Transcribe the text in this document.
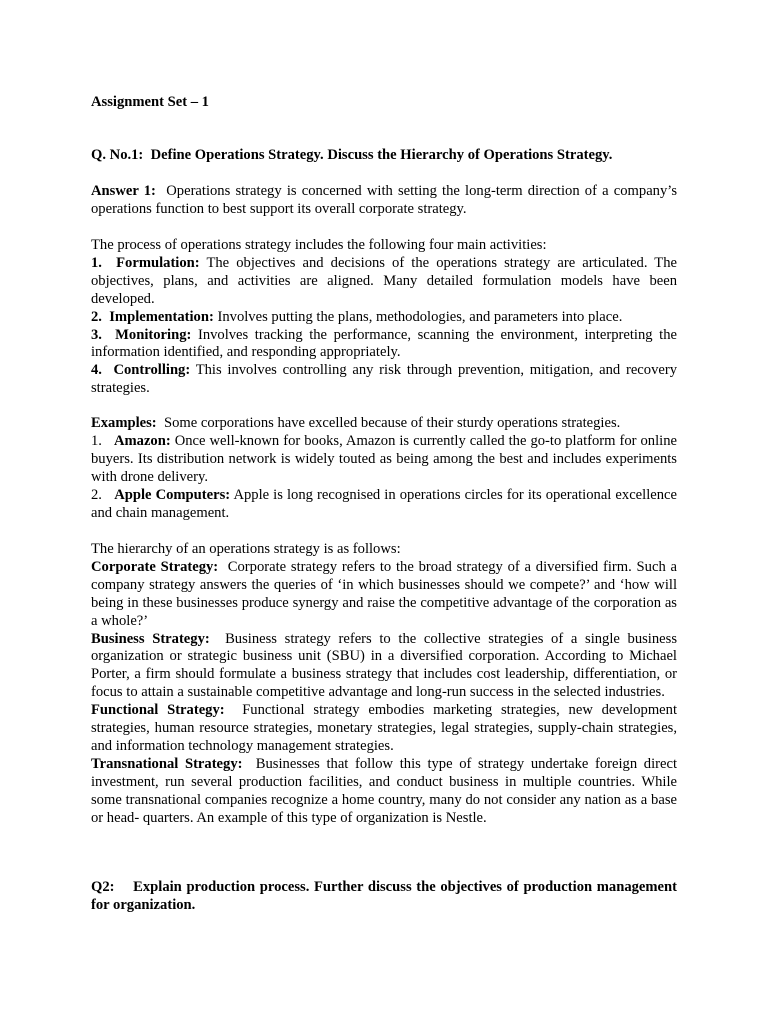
Assignment Set – 1

Q. No.1: Define Operations Strategy. Discuss the Hierarchy of Operations Strategy.

Answer 1: Operations strategy is concerned with setting the long-term direction of a company’s operations function to best support its overall corporate strategy.

The process of operations strategy includes the following four main activities:
1. Formulation: The objectives and decisions of the operations strategy are articulated. The objectives, plans, and activities are aligned. Many detailed formulation models have been developed.
2. Implementation: Involves putting the plans, methodologies, and parameters into place.
3. Monitoring: Involves tracking the performance, scanning the environment, interpreting the information identified, and responding appropriately.
4. Controlling: This involves controlling any risk through prevention, mitigation, and recovery strategies.
Examples: Some corporations have excelled because of their sturdy operations strategies.
1. Amazon: Once well-known for books, Amazon is currently called the go-to platform for online buyers. Its distribution network is widely touted as being among the best and includes experiments with drone delivery.
2. Apple Computers: Apple is long recognised in operations circles for its operational excellence and chain management.
The hierarchy of an operations strategy is as follows:
Corporate Strategy: Corporate strategy refers to the broad strategy of a diversified firm. Such a company strategy answers the queries of ‘in which businesses should we compete?’ and ‘how will being in these businesses produce synergy and raise the competitive advantage of the corporation as a whole?’
Business Strategy: Business strategy refers to the collective strategies of a single business organization or strategic business unit (SBU) in a diversified corporation. According to Michael Porter, a firm should formulate a business strategy that includes cost leadership, differentiation, or focus to attain a sustainable competitive advantage and long-run success in the selected industries.
Functional Strategy: Functional strategy embodies marketing strategies, new development strategies, human resource strategies, monetary strategies, legal strategies, supply-chain strategies, and information technology management strategies.
Transnational Strategy: Businesses that follow this type of strategy undertake foreign direct investment, run several production facilities, and conduct business in multiple countries. While some transnational companies recognize a home country, many do not consider any nation as a base or head- quarters. An example of this type of organization is Nestle.

Q2: Explain production process. Further discuss the objectives of production management for organization.
